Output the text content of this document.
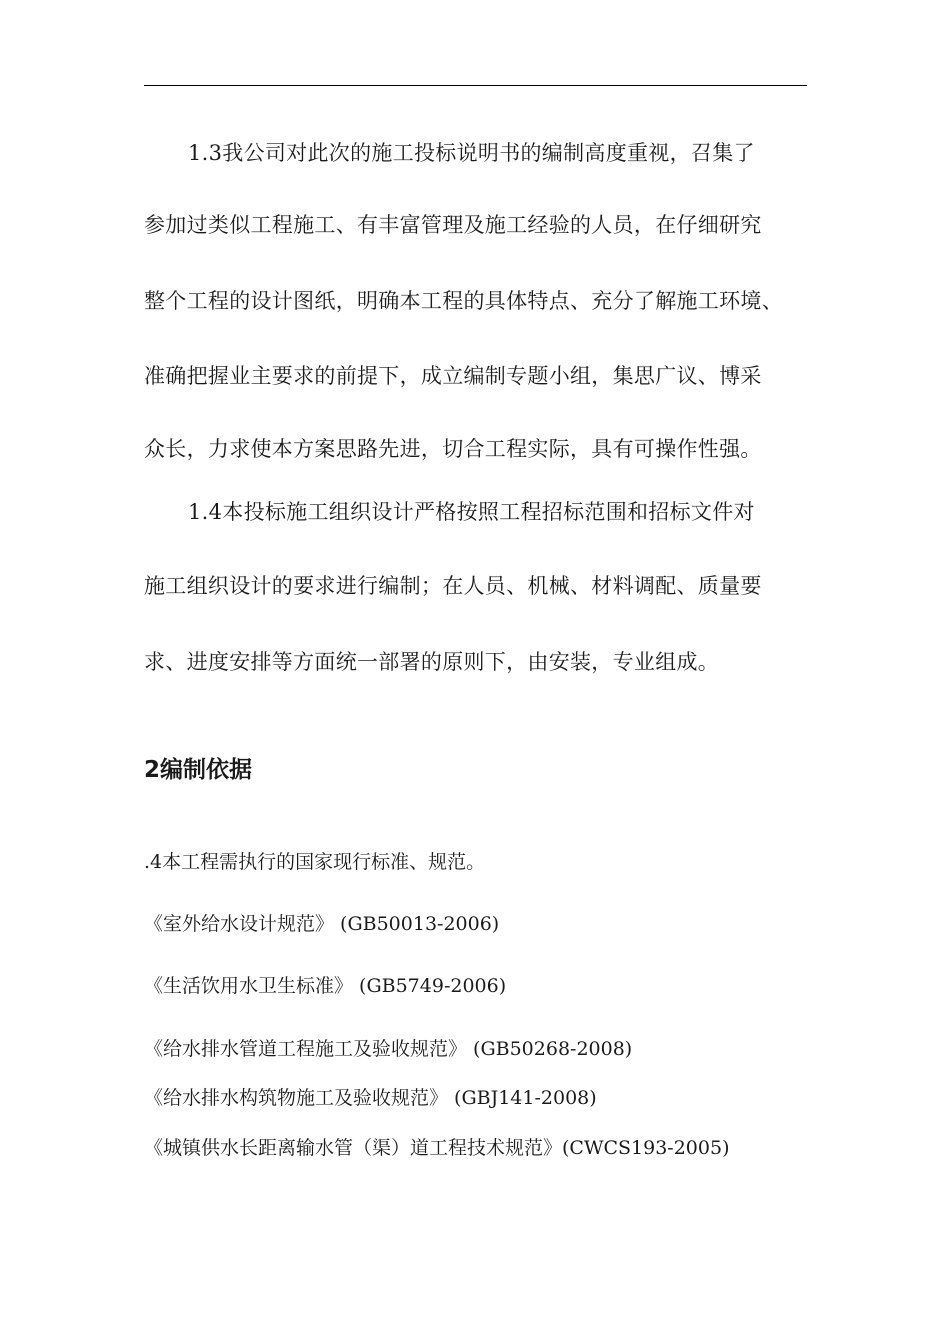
1.3我公司对此次的施工投标说明书的编制高度重视，召集了
参加过类似工程施工、有丰富管理及施工经验的人员，在仔细研究
整个工程的设计图纸，明确本工程的具体特点、充分了解施工环境、
准确把握业主要求的前提下，成立编制专题小组，集思广议、博采
众长，力求使本方案思路先进，切合工程实际，具有可操作性强。
1.4本投标施工组织设计严格按照工程招标范围和招标文件对
施工组织设计的要求进行编制；在人员、机械、材料调配、质量要
求、进度安排等方面统一部署的原则下，由安装，专业组成。
2编制依据
.4本工程需执行的国家现行标准、规范。
《室外给水设计规范》 (GB50013-2006)
《生活饮用水卫生标准》 (GB5749-2006)
《给水排水管道工程施工及验收规范》 (GB50268-2008)
《给水排水构筑物施工及验收规范》 (GBJ141-2008)
《城镇供水长距离输水管（渠）道工程技术规范》(CWCS193-2005)
